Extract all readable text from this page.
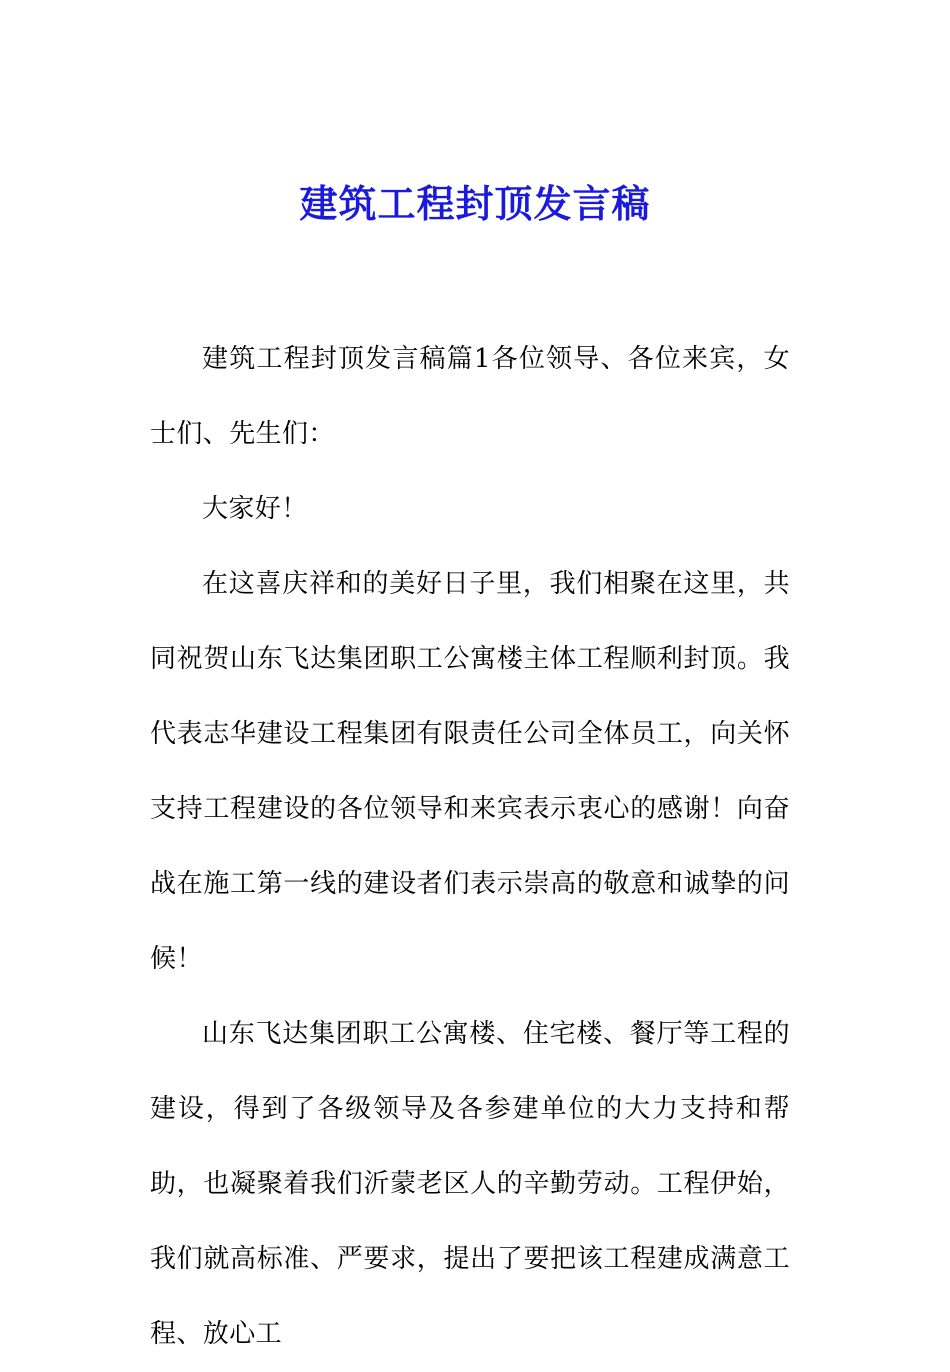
建筑工程封顶发言稿

建筑工程封顶发言稿篇1各位领导、各位来宾，女士们、先生们：

大家好！

在这喜庆祥和的美好日子里，我们相聚在这里，共同祝贺山东飞达集团职工公寓楼主体工程顺利封顶。我代表志华建设工程集团有限责任公司全体员工，向关怀支持工程建设的各位领导和来宾表示衷心的感谢！向奋战在施工第一线的建设者们表示崇高的敬意和诚挚的问候！

山东飞达集团职工公寓楼、住宅楼、餐厅等工程的建设，得到了各级领导及各参建单位的大力支持和帮助，也凝聚着我们沂蒙老区人的辛勤劳动。工程伊始，我们就高标准、严要求，提出了要把该工程建成满意工程、放心工
